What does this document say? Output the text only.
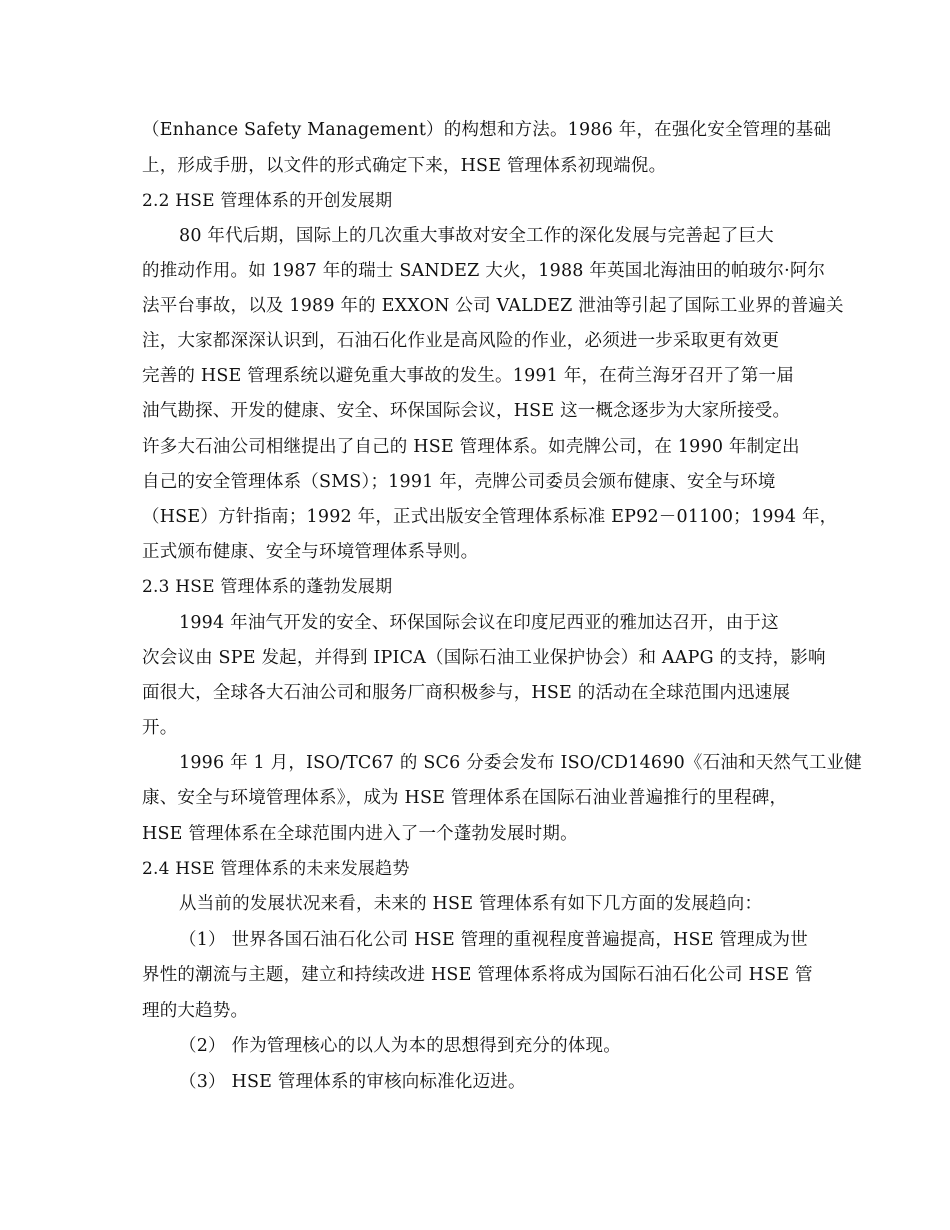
（Enhance Safety Management）的构想和方法。1986 年，在强化安全管理的基础
上，形成手册，以文件的形式确定下来，HSE 管理体系初现端倪。
2.2 HSE 管理体系的开创发展期
80 年代后期，国际上的几次重大事故对安全工作的深化发展与完善起了巨大
的推动作用。如 1987 年的瑞士 SANDEZ 大火，1988 年英国北海油田的帕玻尔·阿尔
法平台事故，以及 1989 年的 EXXON 公司 VALDEZ 泄油等引起了国际工业界的普遍关
注，大家都深深认识到，石油石化作业是高风险的作业，必须进一步采取更有效更
完善的 HSE 管理系统以避免重大事故的发生。1991 年，在荷兰海牙召开了第一届
油气勘探、开发的健康、安全、环保国际会议，HSE 这一概念逐步为大家所接受。
许多大石油公司相继提出了自己的 HSE 管理体系。如壳牌公司，在 1990 年制定出
自己的安全管理体系（SMS）；1991 年，壳牌公司委员会颁布健康、安全与环境
（HSE）方针指南；1992 年，正式出版安全管理体系标准 EP92－01100；1994 年，
正式颁布健康、安全与环境管理体系导则。
2.3 HSE 管理体系的蓬勃发展期
1994 年油气开发的安全、环保国际会议在印度尼西亚的雅加达召开，由于这
次会议由 SPE 发起，并得到 IPICA（国际石油工业保护协会）和 AAPG 的支持，影响
面很大，全球各大石油公司和服务厂商积极参与，HSE 的活动在全球范围内迅速展
开。
1996 年 1 月，ISO/TC67 的 SC6 分委会发布 ISO/CD14690《石油和天然气工业健
康、安全与环境管理体系》，成为 HSE 管理体系在国际石油业普遍推行的里程碑，
HSE 管理体系在全球范围内进入了一个蓬勃发展时期。
2.4 HSE 管理体系的未来发展趋势
从当前的发展状况来看，未来的 HSE 管理体系有如下几方面的发展趋向：
（1） 世界各国石油石化公司 HSE 管理的重视程度普遍提高，HSE 管理成为世
界性的潮流与主题，建立和持续改进 HSE 管理体系将成为国际石油石化公司 HSE 管
理的大趋势。
（2） 作为管理核心的以人为本的思想得到充分的体现。
（3） HSE 管理体系的审核向标准化迈进。
